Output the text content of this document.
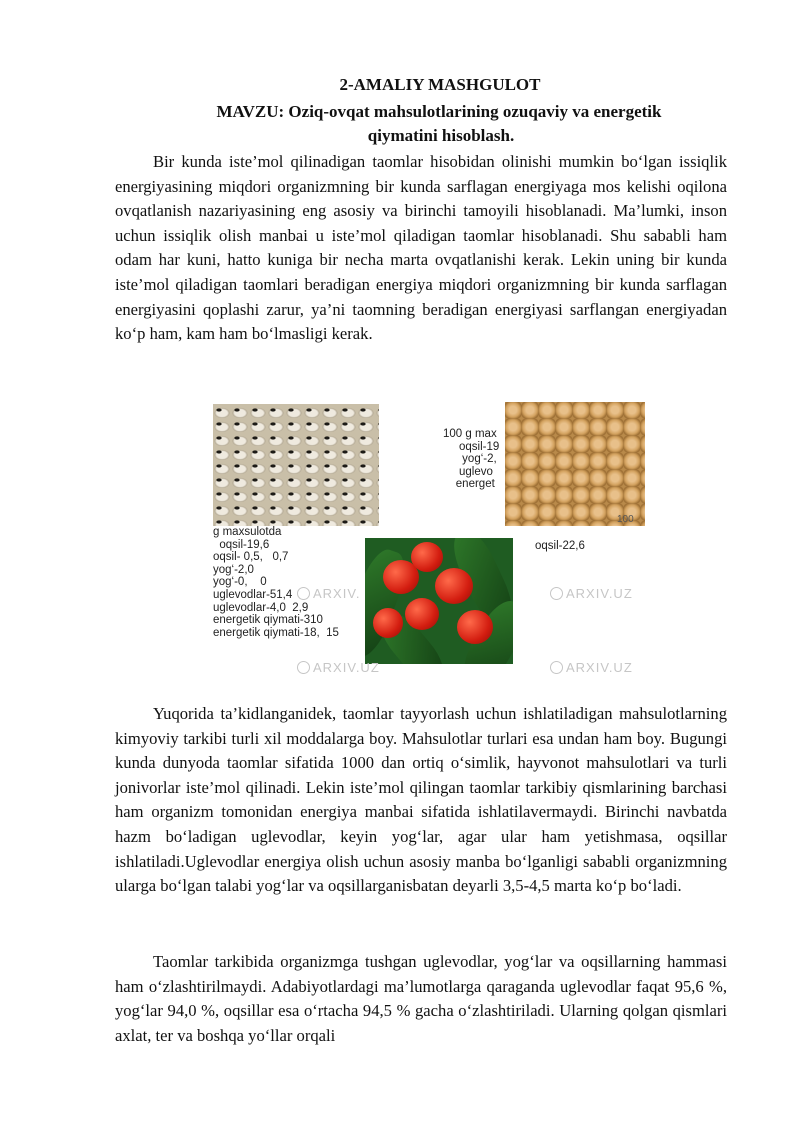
2-AMALIY MASHGULOT
MAVZU: Oziq-ovqat mahsulotlarining ozuqaviy va energetik
qiymatini hisoblash.

Bir kunda iste’mol qilinadigan taomlar hisobidan olinishi mumkin bo‘lgan issiqlik energiyasining miqdori organizmning bir kunda sarflagan energiyaga mos kelishi oqilona ovqatlanish nazariyasining eng asosiy va birinchi tamoyili hisoblanadi. Ma’lumki, inson uchun issiqlik olish manbai u iste’mol qiladigan taomlar hisoblanadi. Shu sababli ham odam har kuni, hatto kuniga bir necha marta ovqatlanishi kerak. Lekin uning bir kunda iste’mol qiladigan taomlari beradigan energiya miqdori organizmning bir kunda sarflagan energiyasini qoplashi zarur, ya’ni taomning beradigan energiyasi sarflangan energiyadan ko‘p ham, kam ham bo‘lmasligi kerak.

100 g max
oqsil-19
yog‘-2,
uglevo
energet
100
g maxsulotda
oqsil-19,6
oqsil- 0,5,   0,7
yog‘-2,0
yog‘-0,    0
uglevodlar-51,4
uglevodlar-4,0  2,9
energetik qiymati-310
energetik qiymati-18,  15
oqsil-22,6
ARXIV.	ARXIV.UZ
ARXIV.UZ	ARXIV.UZ

Yuqorida ta’kidlanganidek, taomlar tayyorlash uchun ishlatiladigan mahsulotlarning kimyoviy tarkibi turli xil moddalarga boy. Mahsulotlar turlari esa undan ham boy. Bugungi kunda dunyoda taomlar sifatida 1000 dan ortiq o‘simlik, hayvonot mahsulotlari va turli jonivorlar iste’mol qilinadi. Lekin iste’mol qilingan taomlar tarkibiy qismlarining barchasi ham organizm tomonidan energiya manbai sifatida ishlatilavermaydi. Birinchi navbatda hazm bo‘ladigan uglevodlar, keyin yog‘lar, agar ular ham yetishmasa, oqsillar ishlatiladi.Uglevodlar energiya olish uchun asosiy manba bo‘lganligi sababli organizmning ularga bo‘lgan talabi yog‘lar va oqsillarganisbatan deyarli 3,5-4,5 marta ko‘p bo‘ladi.

Taomlar tarkibida organizmga tushgan uglevodlar, yog‘lar va oqsillarning hammasi ham o‘zlashtirilmaydi. Adabiyotlardagi ma’lumotlarga qaraganda uglevodlar faqat 95,6 %, yog‘lar 94,0 %, oqsillar esa o‘rtacha 94,5 % gacha o‘zlashtiriladi. Ularning qolgan qismlari axlat, ter va boshqa yo‘llar orqali
